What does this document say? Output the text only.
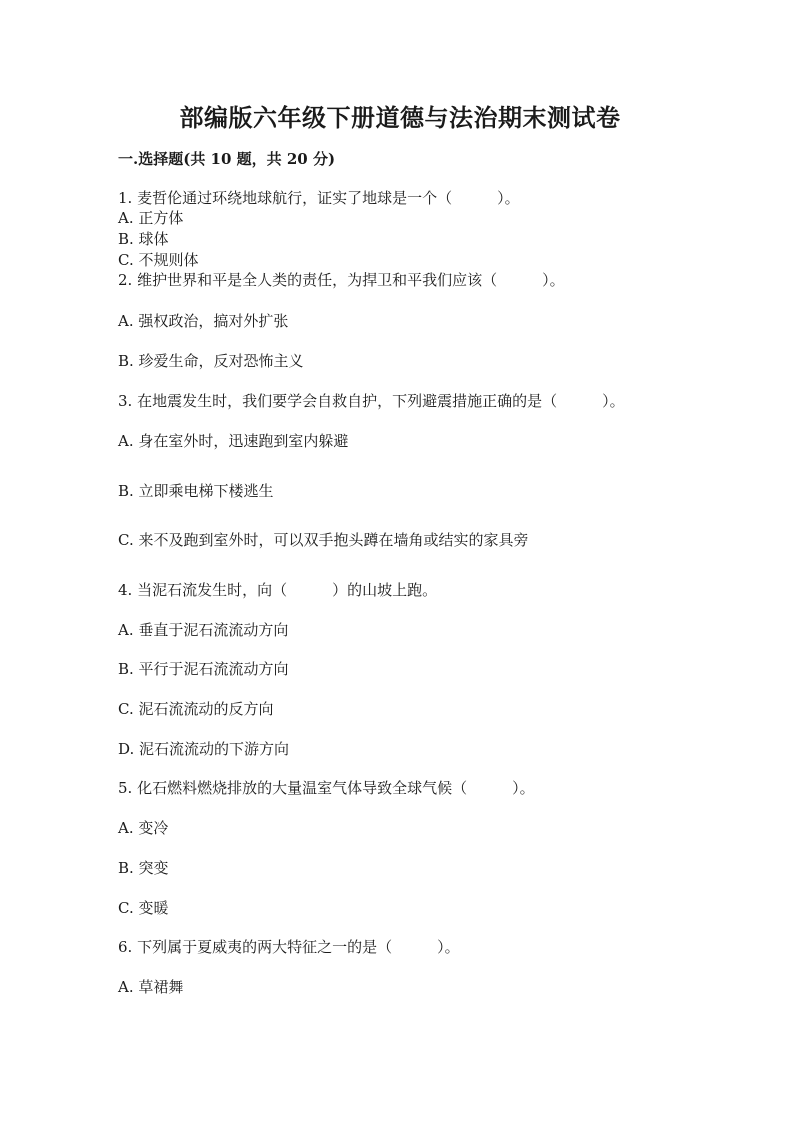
部编版六年级下册道德与法治期末测试卷
一.选择题(共 10 题，共 20 分)
1. 麦哲伦通过环绕地球航行，证实了地球是一个（　　　）。
A. 正方体
B. 球体
C. 不规则体
2. 维护世界和平是全人类的责任，为捍卫和平我们应该（　　　）。
A. 强权政治，搞对外扩张
B. 珍爱生命，反对恐怖主义
3. 在地震发生时，我们要学会自救自护，下列避震措施正确的是（　　　）。
A. 身在室外时，迅速跑到室内躲避
B. 立即乘电梯下楼逃生
C. 来不及跑到室外时，可以双手抱头蹲在墙角或结实的家具旁
4. 当泥石流发生时，向（　　　）的山坡上跑。
A. 垂直于泥石流流动方向
B. 平行于泥石流流动方向
C. 泥石流流动的反方向
D. 泥石流流动的下游方向
5. 化石燃料燃烧排放的大量温室气体导致全球气候（　　　）。
A. 变冷
B. 突变
C. 变暖
6. 下列属于夏威夷的两大特征之一的是（　　　）。
A. 草裙舞
